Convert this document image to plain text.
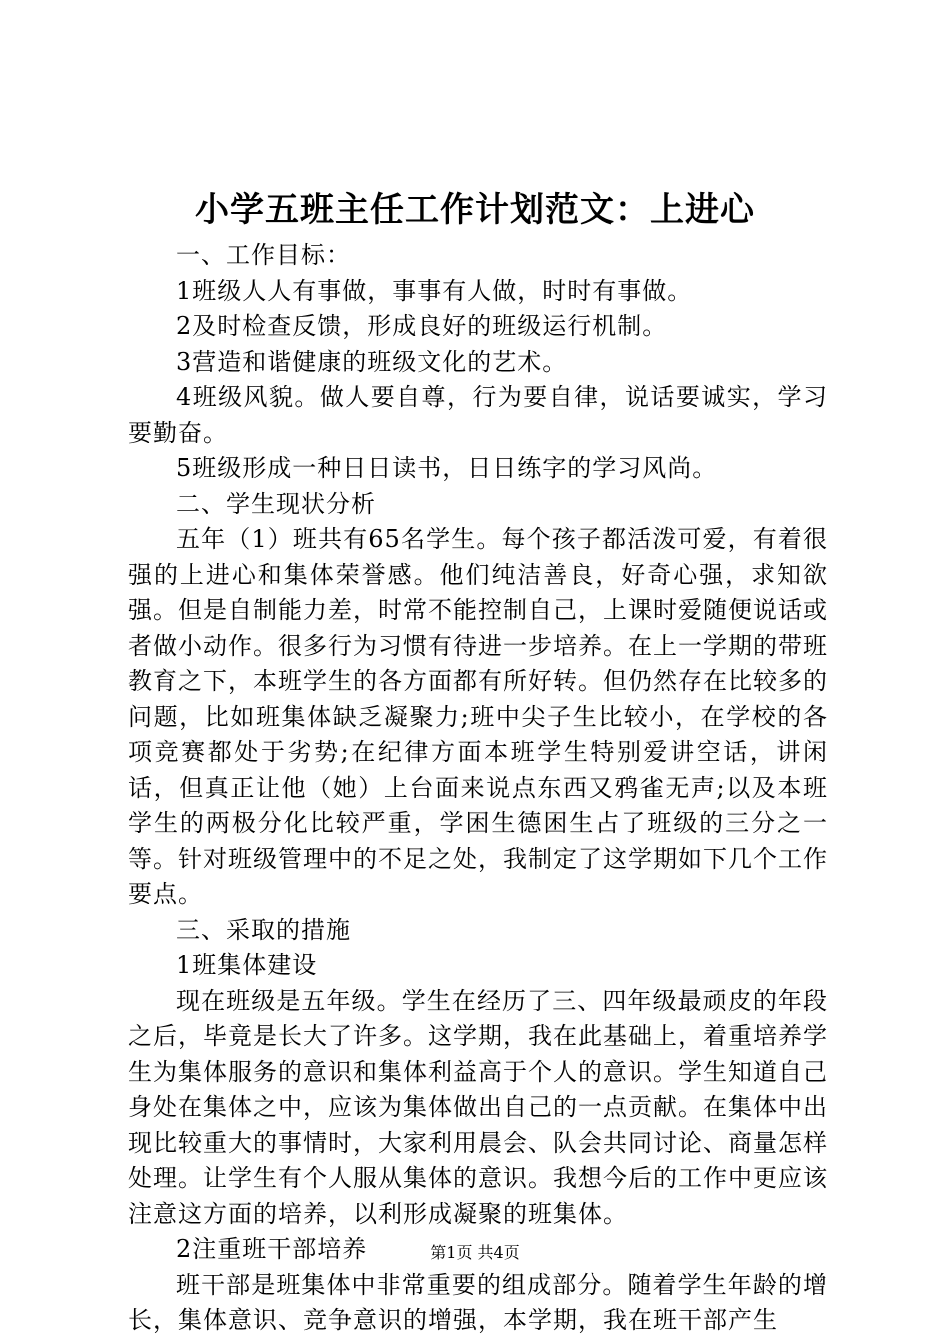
小学五班主任工作计划范文：上进心

一、工作目标：

1班级人人有事做，事事有人做，时时有事做。

2及时检查反馈，形成良好的班级运行机制。

3营造和谐健康的班级文化的艺术。

4班级风貌。做人要自尊，行为要自律，说话要诚实，学习要勤奋。

5班级形成一种日日读书，日日练字的学习风尚。

二、学生现状分析

五年（1）班共有65名学生。每个孩子都活泼可爱，有着很强的上进心和集体荣誉感。他们纯洁善良，好奇心强，求知欲强。但是自制能力差，时常不能控制自己，上课时爱随便说话或者做小动作。很多行为习惯有待进一步培养。在上一学期的带班教育之下，本班学生的各方面都有所好转。但仍然存在比较多的问题，比如班集体缺乏凝聚力;班中尖子生比较小，在学校的各项竞赛都处于劣势;在纪律方面本班学生特别爱讲空话，讲闲话，但真正让他（她）上台面来说点东西又鸦雀无声;以及本班学生的两极分化比较严重，学困生德困生占了班级的三分之一等。针对班级管理中的不足之处，我制定了这学期如下几个工作要点。

三、采取的措施

1班集体建设

现在班级是五年级。学生在经历了三、四年级最顽皮的年段之后，毕竟是长大了许多。这学期，我在此基础上，着重培养学生为集体服务的意识和集体利益高于个人的意识。学生知道自己身处在集体之中，应该为集体做出自己的一点贡献。在集体中出现比较重大的事情时，大家利用晨会、队会共同讨论、商量怎样处理。让学生有个人服从集体的意识。我想今后的工作中更应该注意这方面的培养，以利形成凝聚的班集体。

2注重班干部培养

班干部是班集体中非常重要的组成部分。随着学生年龄的增长，集体意识、竞争意识的增强，本学期，我在班干部产生

第1页 共4页
